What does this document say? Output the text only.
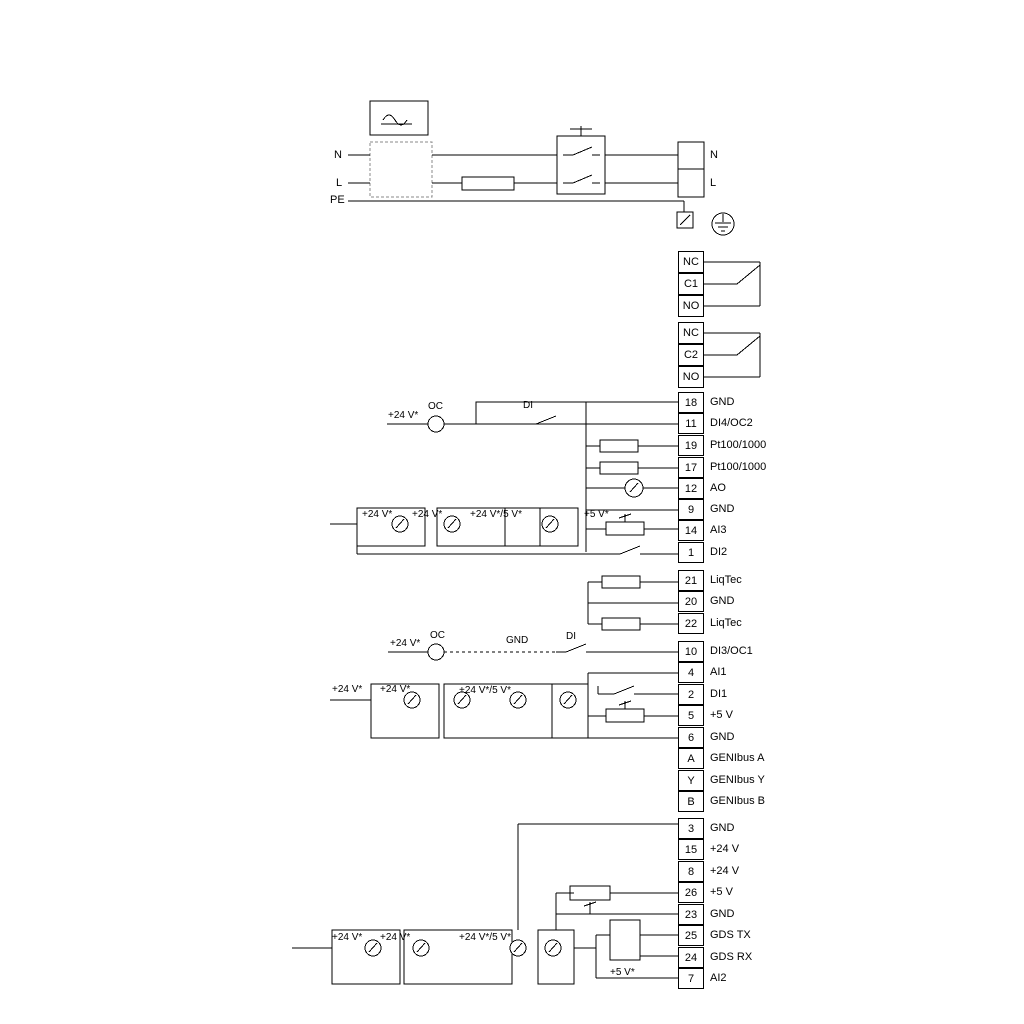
N
L
PE
N
L
NC
C1
NO
NC
C2
NO
18	GND
11	DI4/OC2
19	Pt100/1000
17	Pt100/1000
12	AO
9	GND
14	AI3
1	DI2
21	LiqTec
20	GND
22	LiqTec
10	DI3/OC1
4	AI1
2	DI1
5	+5 V
6	GND
A	GENIbus A
Y	GENIbus Y
B	GENIbus B
3	GND
15	+24 V
8	+24 V
26	+5 V
23	GND
25	GDS TX
24	GDS RX
7	AI2
OC	DI
+24 V*
+24 V* +24 V*	+24 V*/5 V*	+5 V*
OC	GND	DI
+24 V*
+24 V* +24 V*	+24 V*/5 V*
+24 V* +24 V*	+24 V*/5 V*
+5 V*
